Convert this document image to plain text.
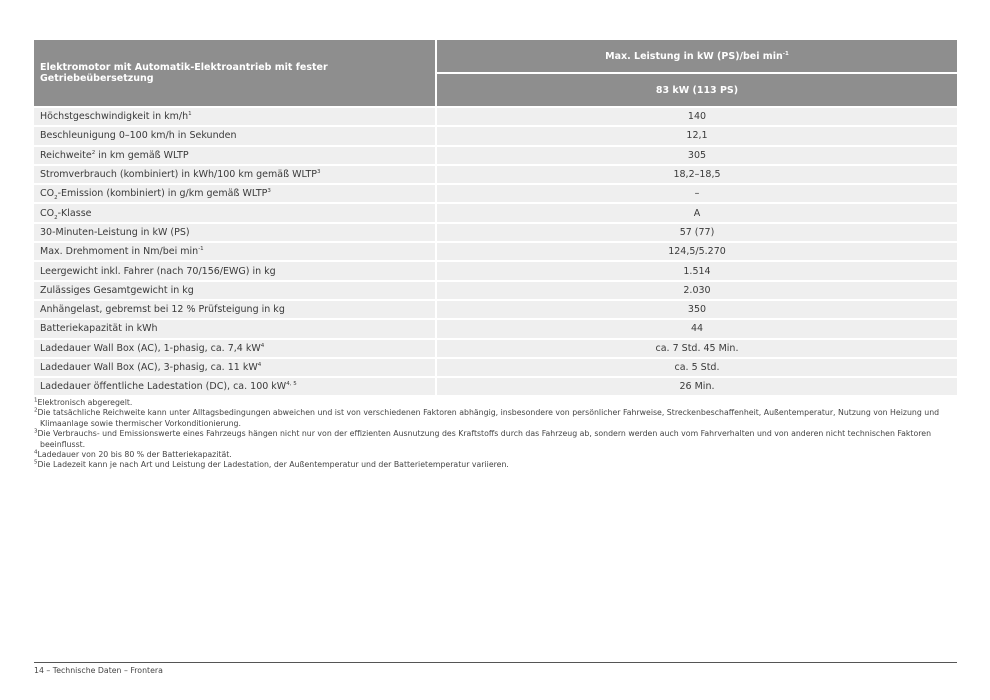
Elektromotor mit Automatik-Elektroantrieb mit fester Getriebeübersetzung	Max. Leistung in kW (PS)/bei $\min^{-1}$
	83 kW (113 PS)
Höchstgeschwindigkeit in $km/h^1$	140
Beschleunigung 0–100 km/h in Sekunden	12,1
Reichweite$^2$ in km gemäß WLTP	305
Stromverbrauch (kombiniert) in kWh/100 km gemäß WLTP$^3$	18,2–18,5
$CO_2$-Emission (kombiniert) in g/km gemäß WLTP$^3$	–
$CO_2$-Klasse	A
30-Minuten-Leistung in kW (PS)	57 (77)
Max. Drehmoment in Nm/bei $\min^{-1}$	124,5/5.270
Leergewicht inkl. Fahrer (nach 70/156/EWG) in kg	1.514
Zulässiges Gesamtgewicht in kg	2.030
Anhängelast, gebremst bei 12 % Prüfsteigung in kg	350
Batteriekapazität in kWh	44
Ladedauer Wall Box (AC), 1-phasig, ca. 7,4 $kW^4$	ca. 7 Std. 45 Min.
Ladedauer Wall Box (AC), 3-phasig, ca. 11 $kW^4$	ca. 5 Std.
Ladedauer öffentliche Ladestation (DC), ca. 100 kW$^{4, 5}$	26 Min.
$^1$Elektronisch abgeregelt.
$^2$Die tatsächliche Reichweite kann unter Alltagsbedingungen abweichen und ist von verschiedenen Faktoren abhängig, insbesondere von persönlicher Fahrweise, Streckenbeschaffenheit, Außentemperatur, Nutzung von Heizung und Klimaanlage sowie thermischer Vorkonditionierung.
$^3$Die Verbrauchs- und Emissionswerte eines Fahrzeugs hängen nicht nur von der effizienten Ausnutzung des Kraftstoffs durch das Fahrzeug ab, sondern werden auch vom Fahrverhalten und von anderen nicht technischen Faktoren beeinflusst.
$^4$Ladedauer von 20 bis 80 % der Batteriekapazität.
$^5$Die Ladezeit kann je nach Art und Leistung der Ladestation, der Außentemperatur und der Batterietemperatur variieren.
14 – Technische Daten – Frontera
